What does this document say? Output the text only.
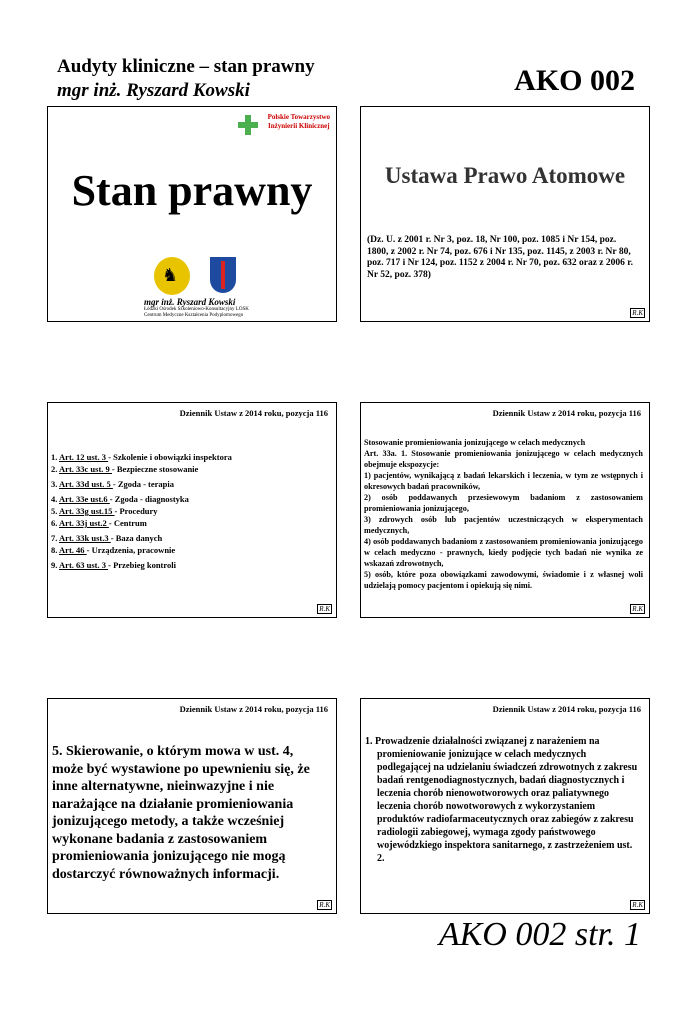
Audyty kliniczne – stan prawny
mgr inż. Ryszard Kowski	AKO 002
Polskie Towarzystwo
Inżynierii Klinicznej
Stan prawny
♞
mgr inż. Ryszard Kowski
Łódzki Ośrodek Szkoleniowo-Konsultacyjny LOSK Centrum Medyczne Kształcenia Podyplomowego
Ustawa Prawo Atomowe
(Dz. U. z 2001 r. Nr 3, poz. 18, Nr 100, poz. 1085 i Nr 154, poz. 1800, z 2002 r. Nr 74, poz. 676 i Nr 135, poz. 1145, z 2003 r. Nr 80, poz. 717 i Nr 124, poz. 1152 z 2004 r. Nr 70, poz. 632 oraz z 2006 r. Nr 52, poz. 378)
R.K
Dziennik Ustaw z 2014 roku, pozycja 116
1. Art. 12 ust. 3 - Szkolenie i obowiązki inspektora
2. Art. 33c ust. 9 - Bezpieczne stosowanie
3. Art. 33d ust. 5 - Zgoda - terapia
4. Art. 33e ust.6 - Zgoda - diagnostyka
5. Art. 33g ust.15 - Procedury
6. Art. 33j ust.2 - Centrum
7. Art. 33k ust.3 - Baza danych
8. Art. 46 - Urządzenia, pracownie
9. Art. 63 ust. 3 - Przebieg kontroli
R.K
Dziennik Ustaw z 2014 roku, pozycja 116
Stosowanie promieniowania jonizującego w celach medycznych
Art. 33a. 1. Stosowanie promieniowania jonizującego w celach medycznych obejmuje ekspozycje:
1) pacjentów, wynikającą z badań lekarskich i leczenia, w tym ze wstępnych i okresowych badań pracowników,
2) osób poddawanych przesiewowym badaniom z zastosowaniem promieniowania jonizującego,
3) zdrowych osób lub pacjentów uczestniczących w eksperymentach medycznych,
4) osób poddawanych badaniom z zastosowaniem promieniowania jonizującego w celach medyczno - prawnych, kiedy podjęcie tych badań nie wynika ze wskazań zdrowotnych,
5) osób, które poza obowiązkami zawodowymi, świadomie i z własnej woli udzielają pomocy pacjentom i opiekują się nimi.
R.K
Dziennik Ustaw z 2014 roku, pozycja 116
5. Skierowanie, o którym mowa w ust. 4, może być wystawione po upewnieniu się, że inne alternatywne, nieinwazyjne i nie narażające na działanie promieniowania jonizującego metody, a także wcześniej wykonane badania z zastosowaniem promieniowania jonizującego nie mogą dostarczyć równoważnych informacji.
R.K
Dziennik Ustaw z 2014 roku, pozycja 116
1. Prowadzenie działalności związanej z narażeniem na
promieniowanie jonizujące w celach medycznych podlegającej na udzielaniu świadczeń zdrowotnych z zakresu badań rentgenodiagnostycznych, badań diagnostycznych i leczenia chorób nienowotworowych oraz paliatywnego leczenia chorób nowotworowych z wykorzystaniem produktów radiofarmaceutycznych oraz zabiegów z zakresu radiologii zabiegowej, wymaga zgody państwowego wojewódzkiego inspektora sanitarnego, z zastrzeżeniem ust. 2.
R.K
AKO 002 str. 1
